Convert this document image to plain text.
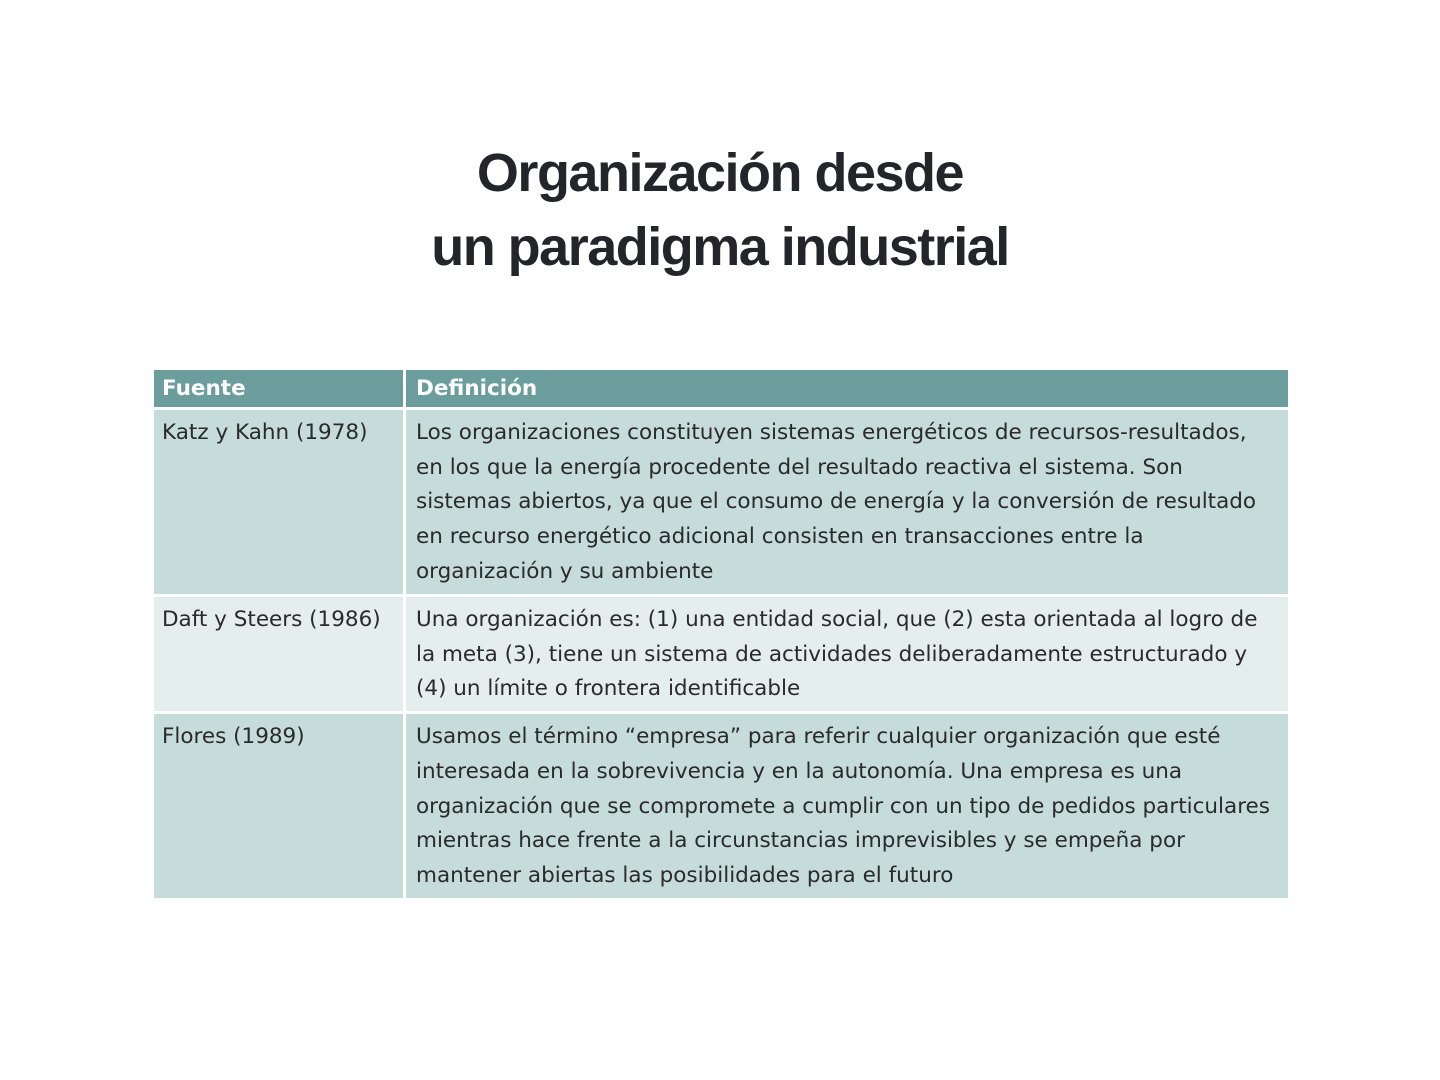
Organización desde
un paradigma industrial
Fuente	Definición
Katz y Kahn (1978)	Los organizaciones constituyen sistemas energéticos de recursos-resultados, en los que la energía procedente del resultado reactiva el sistema. Son sistemas abiertos, ya que el consumo de energía y la conversión de resultado en recurso energético adicional consisten en transacciones entre la organización y su ambiente
Daft y Steers (1986)	Una organización es: (1) una entidad social, que (2) esta orientada al logro de la meta (3), tiene un sistema de actividades deliberadamente estructurado y (4) un límite o frontera identificable
Flores (1989)	Usamos el término “empresa” para referir cualquier organización que esté interesada en la sobrevivencia y en la autonomía. Una empresa es una organización que se compromete a cumplir con un tipo de pedidos particulares mientras hace frente a la circunstancias imprevisibles y se empeña por mantener abiertas las posibilidades para el futuro
